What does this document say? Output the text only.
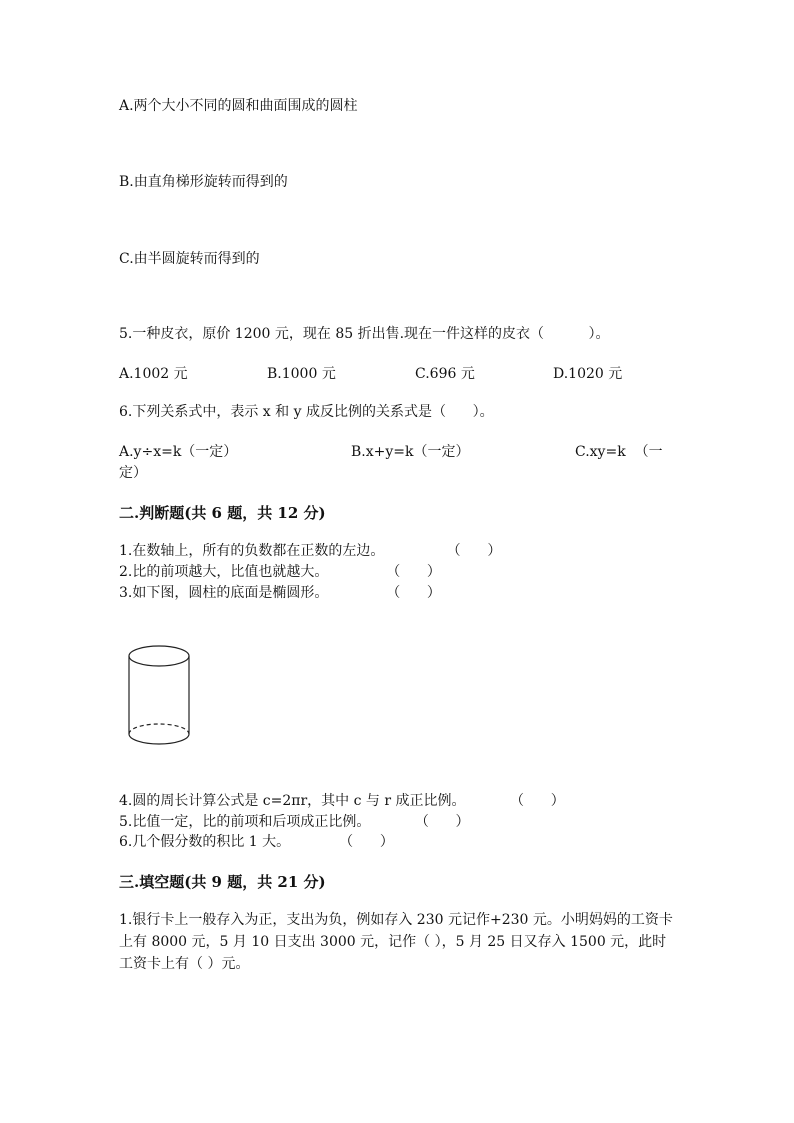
A.两个大小不同的圆和曲面围成的圆柱
B.由直角梯形旋转而得到的
C.由半圆旋转而得到的
5.一种皮衣，原价 1200 元，现在 85 折出售.现在一件这样的皮衣（          ）。
A.1002 元	B.1000 元	C.696 元	D.1020 元
6.下列关系式中，表示 x 和 y 成反比例的关系式是（      ）。
A.y÷x=k（一定）	B.x+y=k（一定）	C.xy=k  （一
定）
二.判断题(共 6 题，共 12 分)
1.在数轴上，所有的负数都在正数的左边。              （      ）
2.比的前项越大，比值也就越大。             （      ）
3.如下图，圆柱的底面是椭圆形。             （      ）
4.圆的周长计算公式是 c=2πr，其中 c 与 r 成正比例。          （      ）
5.比值一定，比的前项和后项成正比例。          （      ）
6.几个假分数的积比 1 大。           （      ）
三.填空题(共 9 题，共 21 分)
1.银行卡上一般存入为正，支出为负，例如存入 230 元记作+230 元。小明妈妈的工资卡上有 8000 元，5 月 10 日支出 3000 元，记作（ ），5 月 25 日又存入 1500 元，此时工资卡上有（ ）元。
